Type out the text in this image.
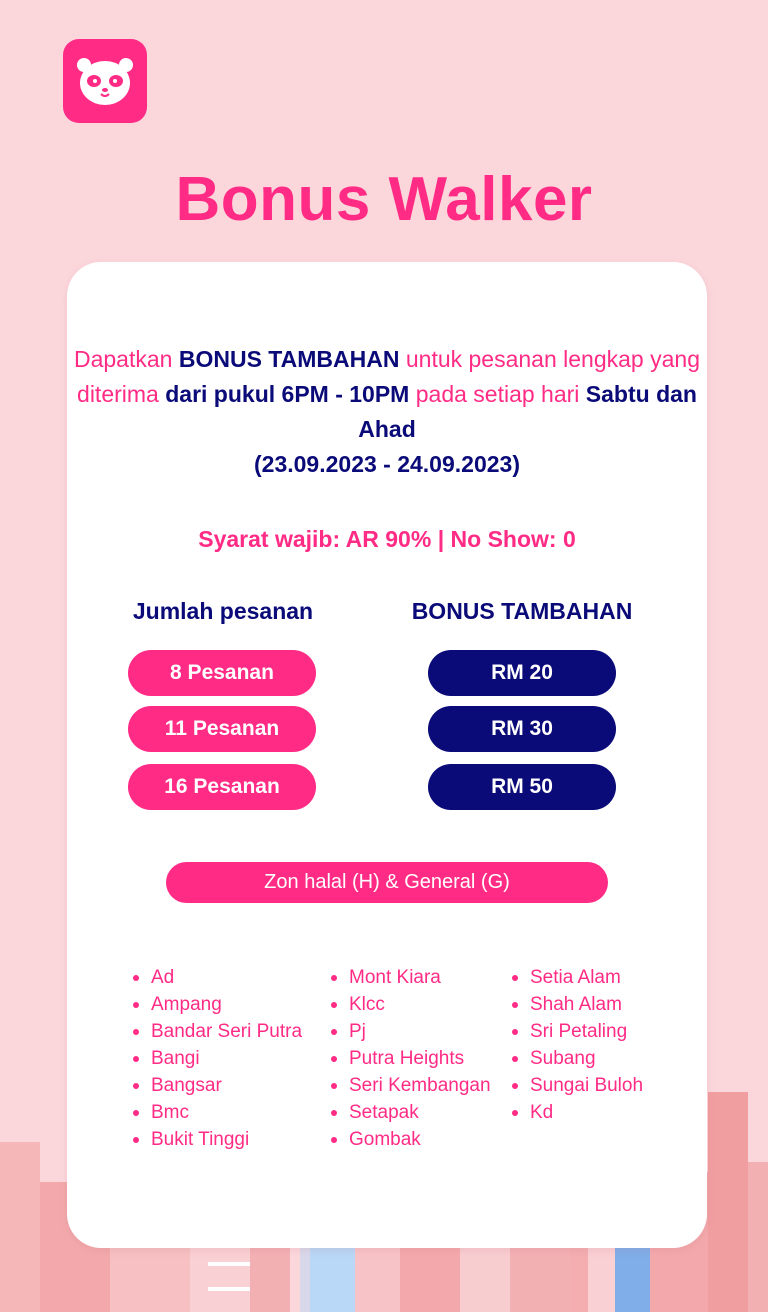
Bonus Walker

Dapatkan BONUS TAMBAHAN untuk pesanan lengkap yang diterima dari pukul 6PM - 10PM pada setiap hari Sabtu dan Ahad
(23.09.2023 - 24.09.2023)

Syarat wajib: AR 90% | No Show: 0
Jumlah pesanan	BONUS TAMBAHAN
8 Pesanan	RM 20
11 Pesanan	RM 30
16 Pesanan	RM 50
Zon halal (H) & General (G)
Ad
Ampang
Bandar Seri Putra
Bangi
Bangsar
Bmc
Bukit Tinggi
Mont Kiara
Klcc
Pj
Putra Heights
Seri Kembangan
Setapak
Gombak
Setia Alam
Shah Alam
Sri Petaling
Subang
Sungai Buloh
Kd
